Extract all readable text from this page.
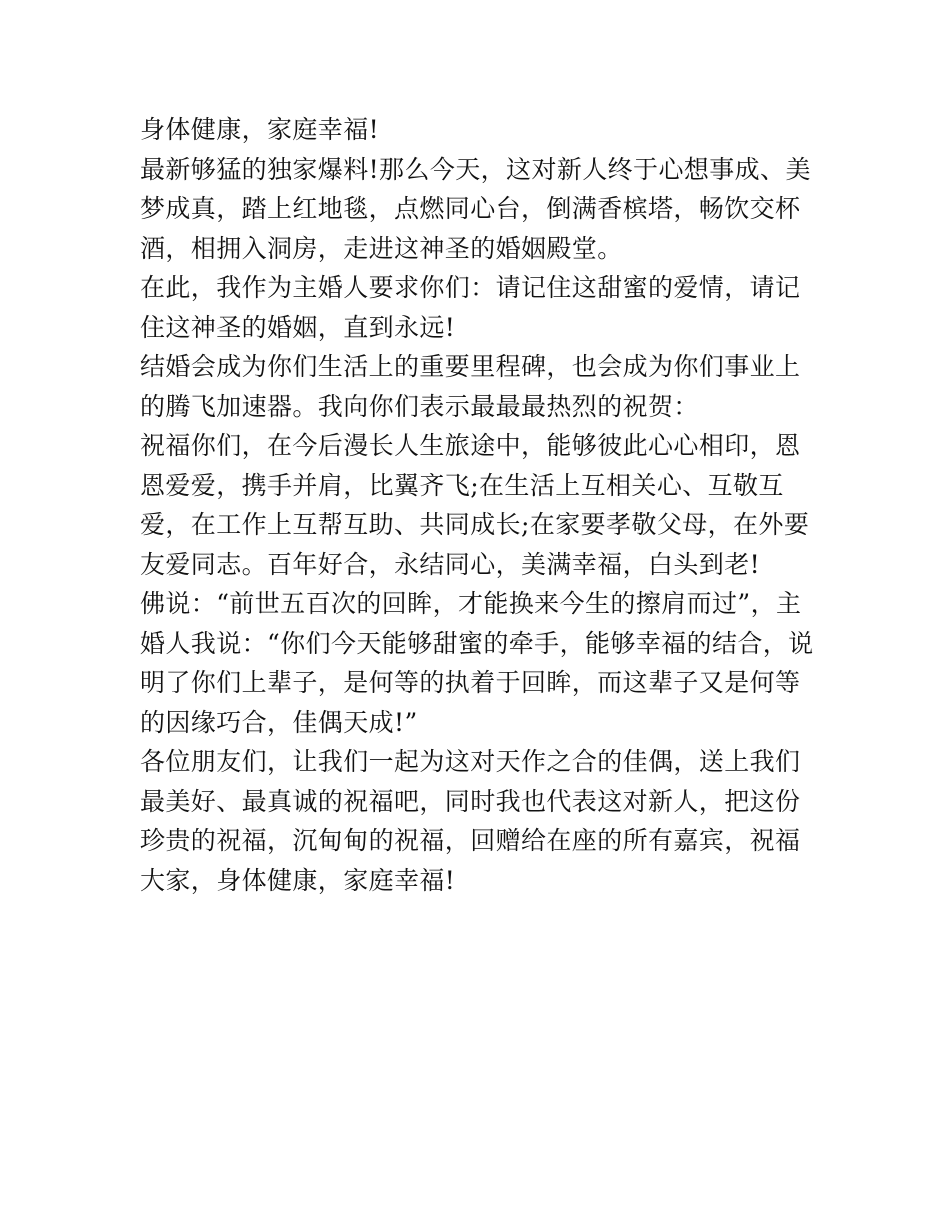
身体健康，家庭幸福!

最新够猛的独家爆料!那么今天，这对新人终于心想事成、美梦成真，踏上红地毯，点燃同心台，倒满香槟塔，畅饮交杯酒，相拥入洞房，走进这神圣的婚姻殿堂。

在此，我作为主婚人要求你们：请记住这甜蜜的爱情，请记住这神圣的婚姻，直到永远!

结婚会成为你们生活上的重要里程碑，也会成为你们事业上的腾飞加速器。我向你们表示最最最热烈的祝贺：

祝福你们，在今后漫长人生旅途中，能够彼此心心相印，恩恩爱爱，携手并肩，比翼齐飞;在生活上互相关心、互敬互爱，在工作上互帮互助、共同成长;在家要孝敬父母，在外要友爱同志。百年好合，永结同心，美满幸福，白头到老!

佛说：“前世五百次的回眸，才能换来今生的擦肩而过”，主婚人我说：“你们今天能够甜蜜的牵手，能够幸福的结合，说明了你们上辈子，是何等的执着于回眸，而这辈子又是何等的因缘巧合，佳偶天成!”

各位朋友们，让我们一起为这对天作之合的佳偶，送上我们最美好、最真诚的祝福吧，同时我也代表这对新人，把这份珍贵的祝福，沉甸甸的祝福，回赠给在座的所有嘉宾，祝福大家，身体健康，家庭幸福!
